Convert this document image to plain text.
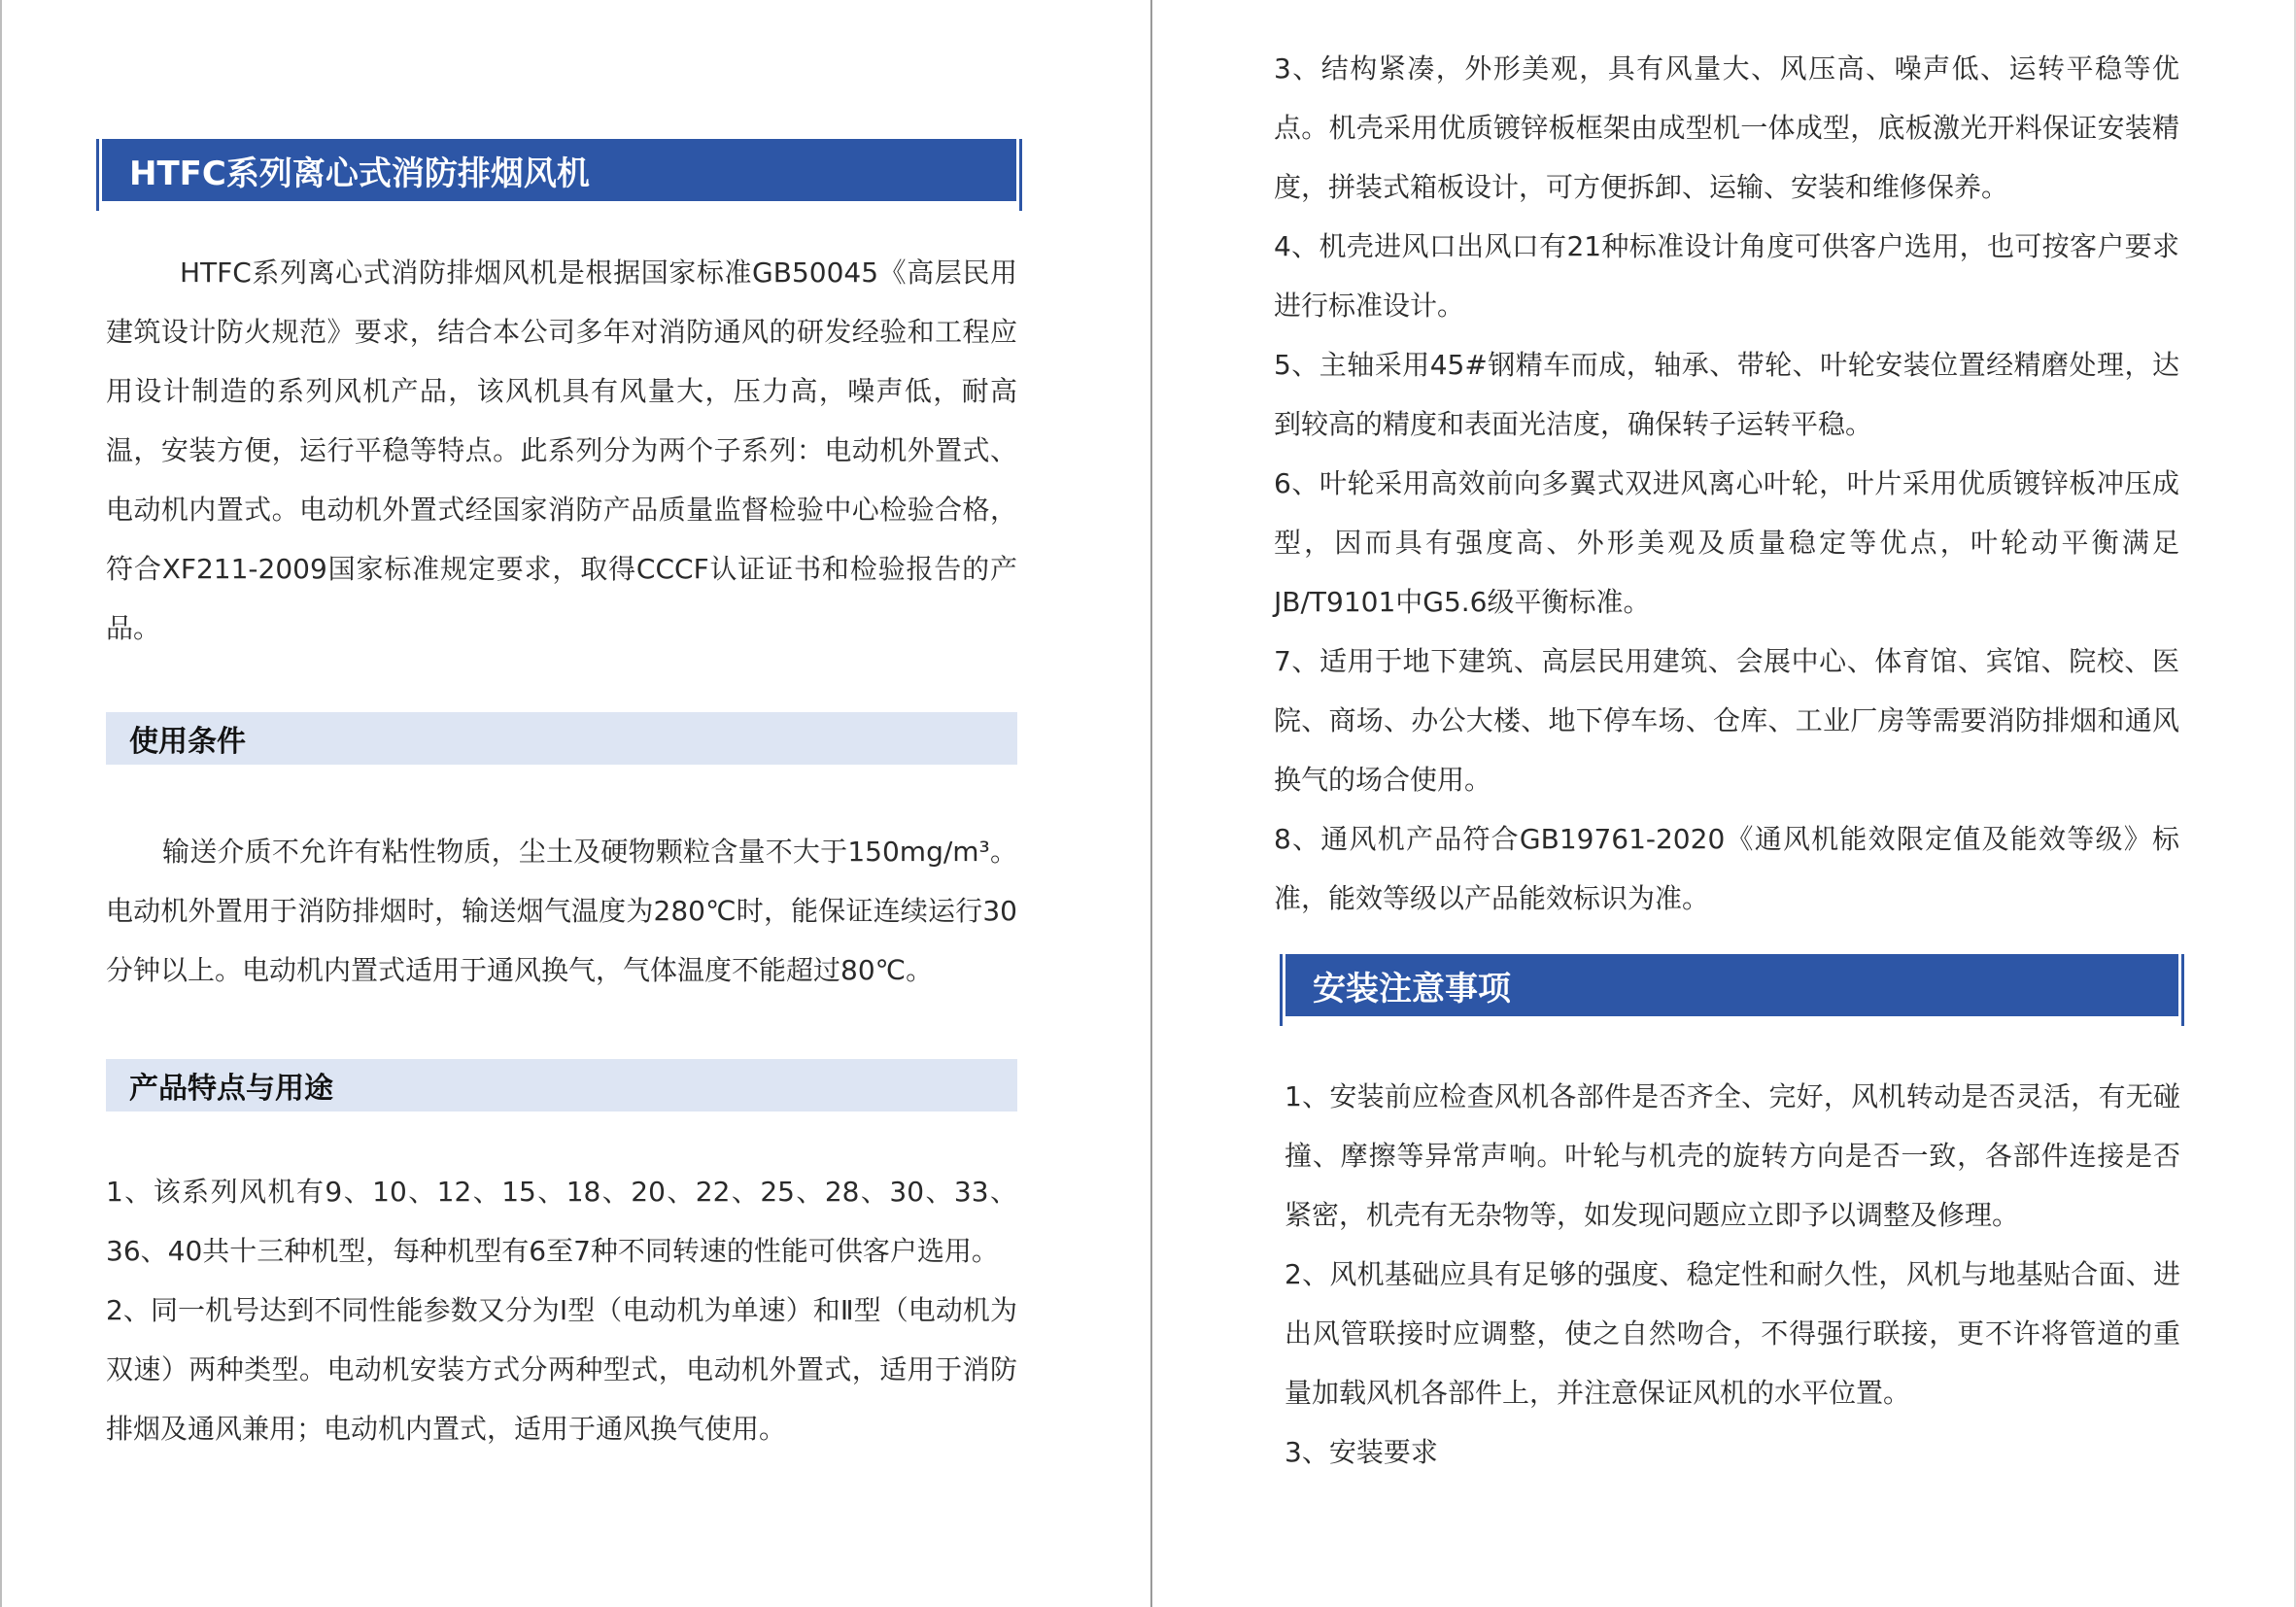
HTFC系列离心式消防排烟风机

HTFC系列离心式消防排烟风机是根据国家标准GB50045《高层民用建筑设计防火规范》要求，结合本公司多年对消防通风的研发经验和工程应用设计制造的系列风机产品，该风机具有风量大，压力高，噪声低，耐高温，安装方便，运行平稳等特点。此系列分为两个子系列：电动机外置式、电动机内置式。电动机外置式经国家消防产品质量监督检验中心检验合格，符合XF211-2009国家标准规定要求，取得CCCF认证证书和检验报告的产品。

使用条件

输送介质不允许有粘性物质，尘土及硬物颗粒含量不大于150mg/m³。电动机外置用于消防排烟时，输送烟气温度为280℃时，能保证连续运行30分钟以上。电动机内置式适用于通风换气，气体温度不能超过80℃。

产品特点与用途

1、该系列风机有9、10、12、15、18、20、22、25、28、30、33、36、40共十三种机型，每种机型有6至7种不同转速的性能可供客户选用。

2、同一机号达到不同性能参数又分为Ⅰ型（电动机为单速）和Ⅱ型（电动机为双速）两种类型。电动机安装方式分两种型式，电动机外置式，适用于消防排烟及通风兼用；电动机内置式，适用于通风换气使用。

3、结构紧凑，外形美观，具有风量大、风压高、噪声低、运转平稳等优点。机壳采用优质镀锌板框架由成型机一体成型，底板激光开料保证安装精度，拼装式箱板设计，可方便拆卸、运输、安装和维修保养。

4、机壳进风口出风口有21种标准设计角度可供客户选用，也可按客户要求进行标准设计。

5、主轴采用45#钢精车而成，轴承、带轮、叶轮安装位置经精磨处理，达到较高的精度和表面光洁度，确保转子运转平稳。

6、叶轮采用高效前向多翼式双进风离心叶轮，叶片采用优质镀锌板冲压成型，因而具有强度高、外形美观及质量稳定等优点，叶轮动平衡满足JB/T9101中G5.6级平衡标准。

7、适用于地下建筑、高层民用建筑、会展中心、体育馆、宾馆、院校、医院、商场、办公大楼、地下停车场、仓库、工业厂房等需要消防排烟和通风换气的场合使用。

8、通风机产品符合GB19761-2020《通风机能效限定值及能效等级》标准，能效等级以产品能效标识为准。

安装注意事项

1、安装前应检查风机各部件是否齐全、完好，风机转动是否灵活，有无碰撞、摩擦等异常声响。叶轮与机壳的旋转方向是否一致，各部件连接是否紧密，机壳有无杂物等，如发现问题应立即予以调整及修理。

2、风机基础应具有足够的强度、稳定性和耐久性，风机与地基贴合面、进出风管联接时应调整，使之自然吻合，不得强行联接，更不许将管道的重量加载风机各部件上，并注意保证风机的水平位置。

3、安装要求
